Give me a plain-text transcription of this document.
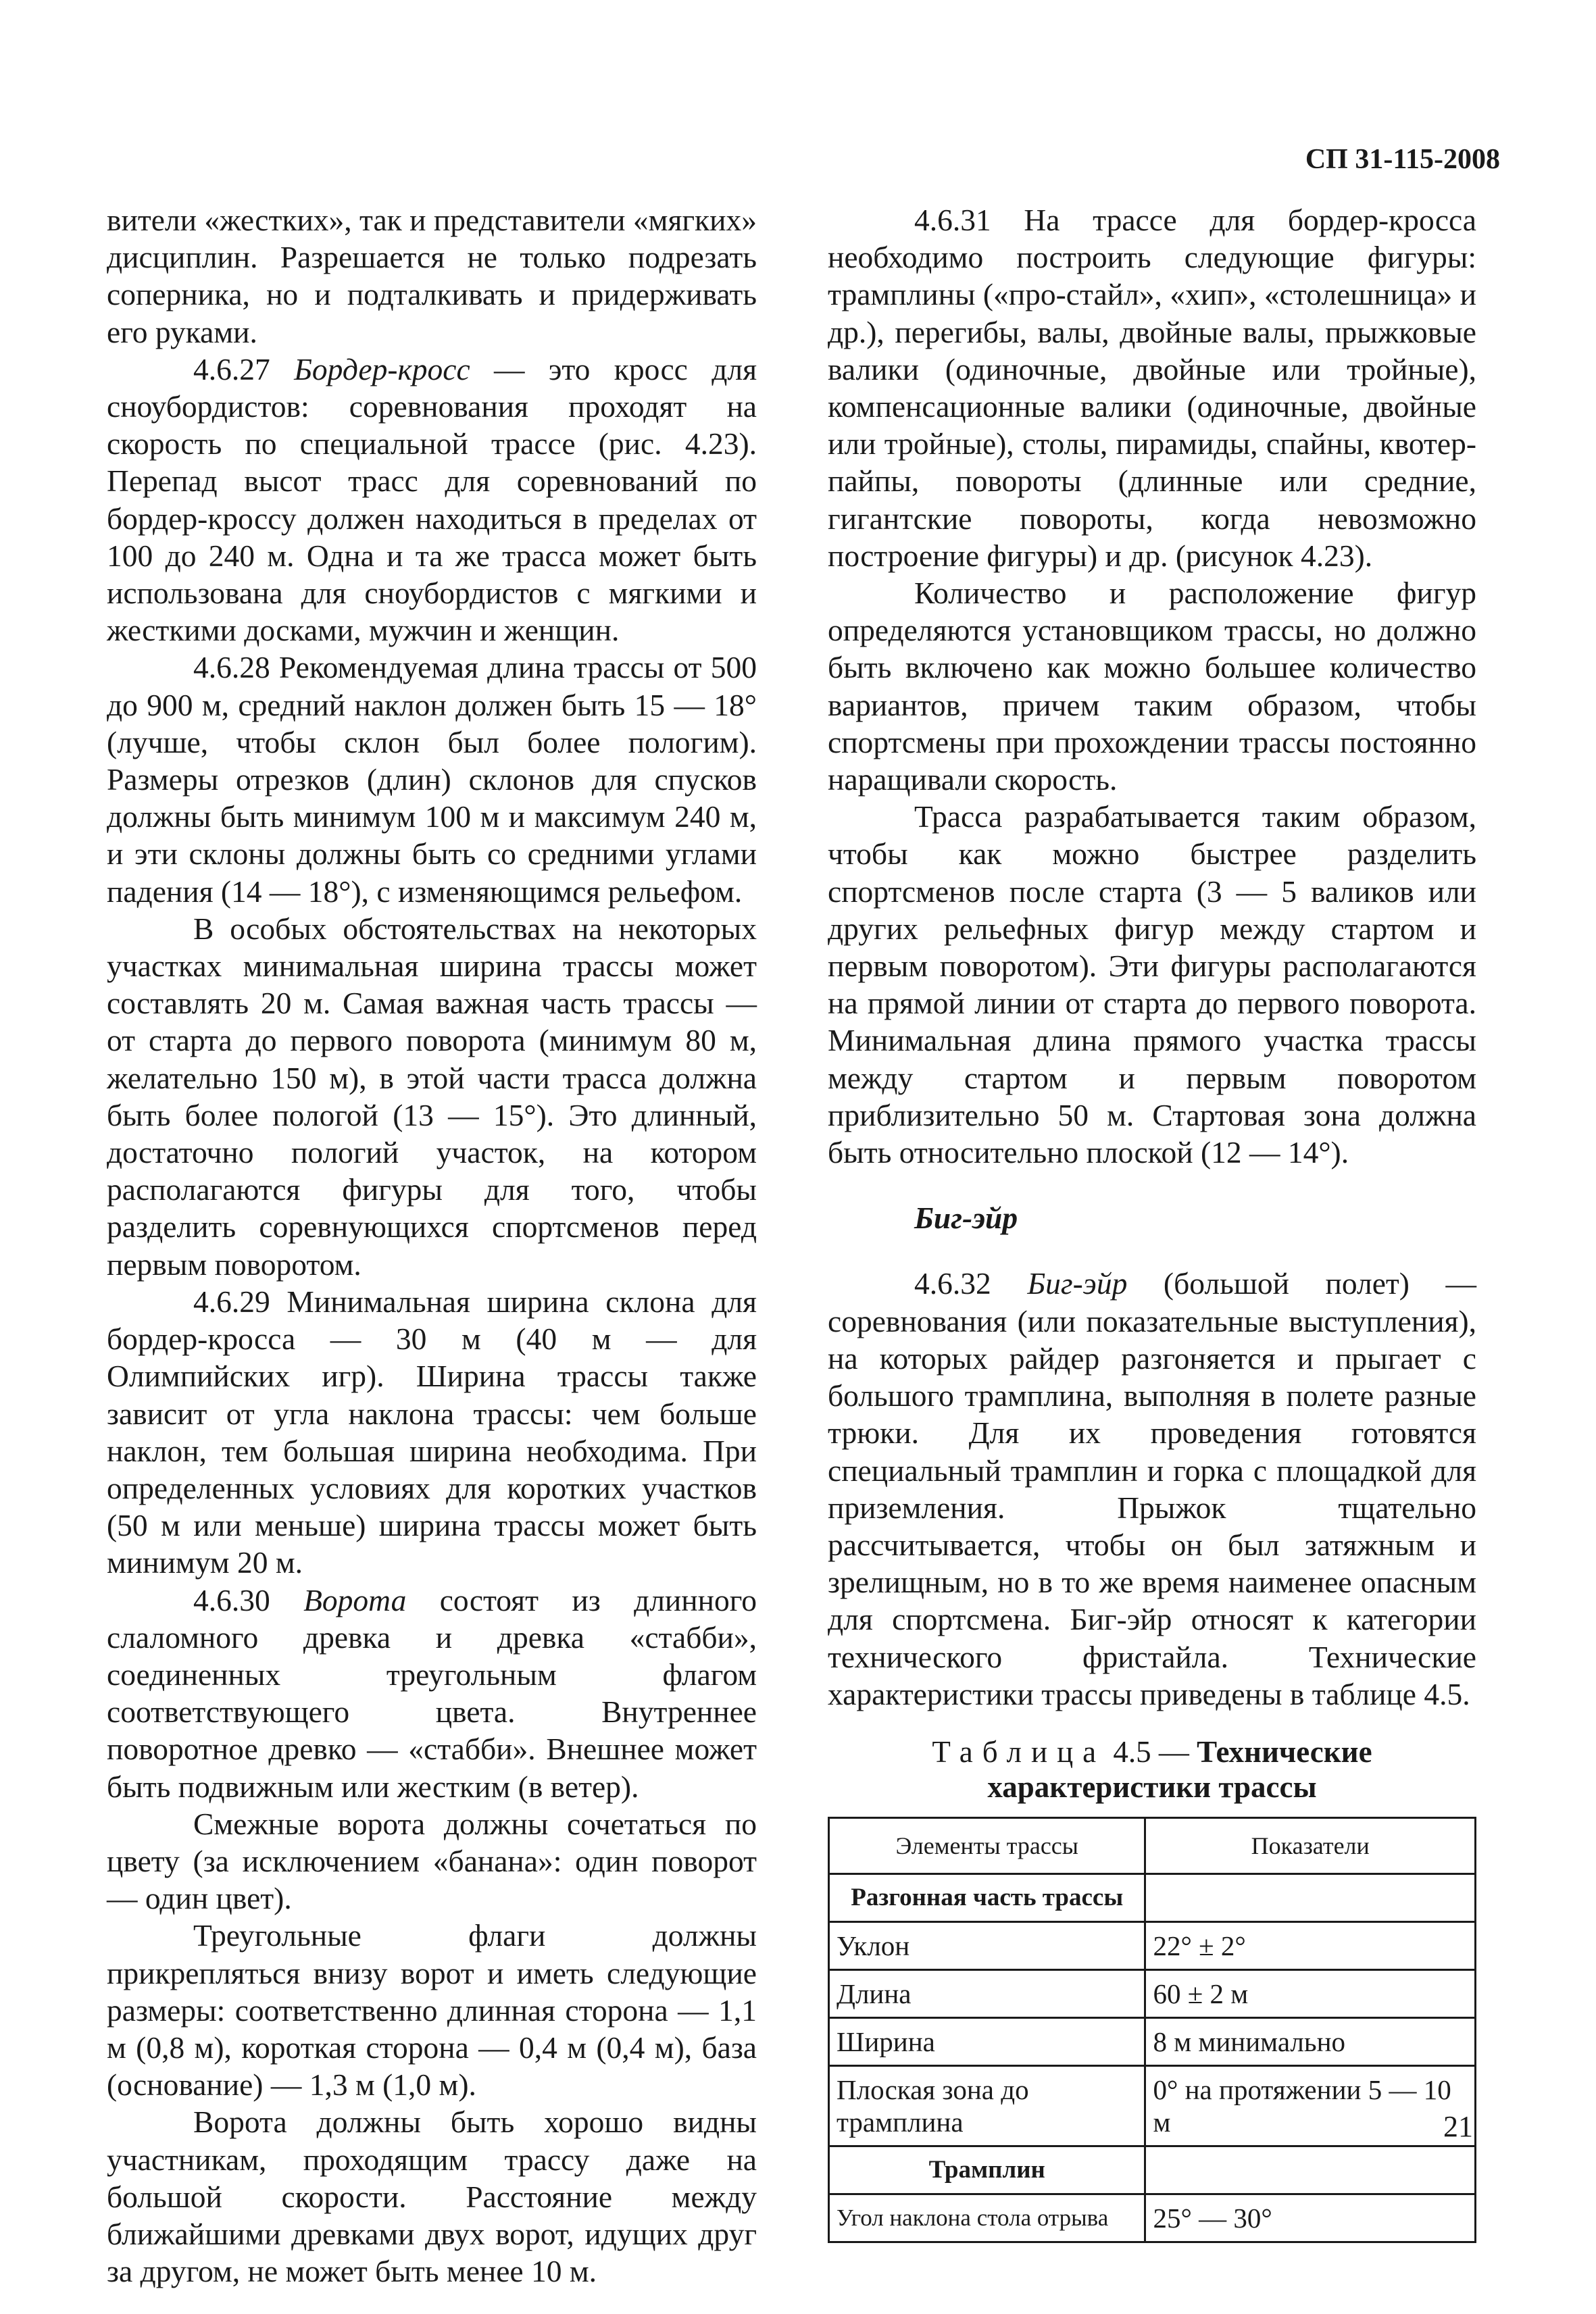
СП 31-115-2008

вители «жестких», так и представители «мягких» дисциплин. Разрешается не только подрезать соперника, но и подталкивать и придерживать его руками.

4.6.27 Бордер-кросс — это кросс для сноубордистов: соревнования проходят на скорость по специальной трассе (рис. 4.23). Перепад высот трасс для соревнований по бордер-кроссу должен находиться в пределах от 100 до 240 м. Одна и та же трасса может быть использована для сноубордистов с мягкими и жесткими досками, мужчин и женщин.

4.6.28 Рекомендуемая длина трассы от 500 до 900 м, средний наклон должен быть 15 — 18° (лучше, чтобы склон был более пологим). Размеры отрезков (длин) склонов для спусков должны быть минимум 100 м и максимум 240 м, и эти склоны должны быть со средними углами падения (14 — 18°), с изменяющимся рельефом.

В особых обстоятельствах на некоторых участках минимальная ширина трассы может составлять 20 м. Самая важная часть трассы — от старта до первого поворота (минимум 80 м, желательно 150 м), в этой части трасса должна быть более пологой (13 — 15°). Это длинный, достаточно пологий участок, на котором располагаются фигуры для того, чтобы разделить соревнующихся спортсменов перед первым поворотом.

4.6.29 Минимальная ширина склона для бордер-кросса — 30 м (40 м — для Олимпийских игр). Ширина трассы также зависит от угла наклона трассы: чем больше наклон, тем большая ширина необходима. При определенных условиях для коротких участков (50 м или меньше) ширина трассы может быть минимум 20 м.

4.6.30 Ворота состоят из длинного слаломного древка и древка «стабби», соединенных треугольным флагом соответствующего цвета. Внутреннее поворотное древко — «стабби». Внешнее может быть подвижным или жестким (в ветер).

Смежные ворота должны сочетаться по цвету (за исключением «банана»: один поворот — один цвет).

Треугольные флаги должны прикрепляться внизу ворот и иметь следующие размеры: соответственно длинная сторона — 1,1 м (0,8 м), короткая сторона — 0,4 м (0,4 м), база (основание) — 1,3 м (1,0 м).

Ворота должны быть хорошо видны участникам, проходящим трассу даже на большой скорости. Расстояние между ближайшими древками двух ворот, идущих друг за другом, не может быть менее 10 м.

4.6.31 На трассе для бордер-кросса необходимо построить следующие фигуры: трамплины («про-стайл», «хип», «столешница» и др.), перегибы, валы, двойные валы, прыжковые валики (одиночные, двойные или тройные), компенсационные валики (одиночные, двойные или тройные), столы, пирамиды, спайны, квотер-пайпы, повороты (длинные или средние, гигантские повороты, когда невозможно построение фигуры) и др. (рисунок 4.23).

Количество и расположение фигур определяются установщиком трассы, но должно быть включено как можно большее количество вариантов, причем таким образом, чтобы спортсмены при прохождении трассы постоянно наращивали скорость.

Трасса разрабатывается таким образом, чтобы как можно быстрее разделить спортсменов после старта (3 — 5 валиков или других рельефных фигур между стартом и первым поворотом). Эти фигуры располагаются на прямой линии от старта до первого поворота. Минимальная длина прямого участка трассы между стартом и первым поворотом приблизительно 50 м. Стартовая зона должна быть относительно плоской (12 — 14°).

Биг-эйр

4.6.32 Биг-эйр (большой полет) — соревнования (или показательные выступления), на которых райдер разгоняется и прыгает с большого трамплина, выполняя в полете разные трюки. Для их проведения готовятся специальный трамплин и горка с площадкой для приземления. Прыжок тщательно рассчитывается, чтобы он был затяжным и зрелищным, но в то же время наименее опасным для спортсмена. Биг-эйр относят к категории технического фристайла. Технические характеристики трассы приведены в таблице 4.5.

Таблица 4.5 — Технические характеристики трассы

Элементы трассы	Показатели
Разгонная часть трассы	
Уклон	22° ± 2°
Длина	60 ± 2 м
Ширина	8 м минимально
Плоская зона до трамплина	0° на протяжении 5 — 10 м
Трамплин	
Угол наклона стола отрыва	25° — 30°
21
